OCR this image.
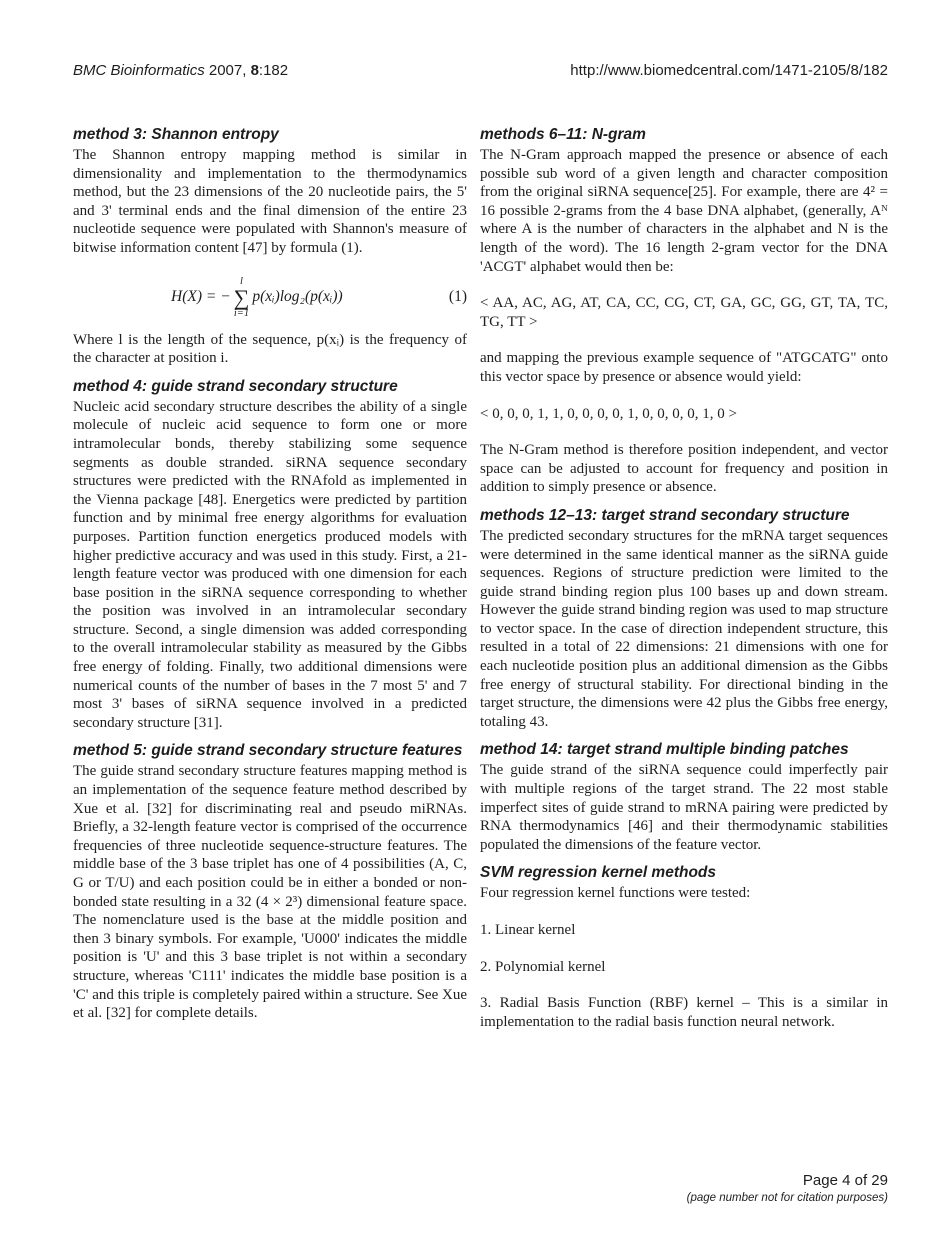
BMC Bioinformatics 2007, 8:182	http://www.biomedcentral.com/1471-2105/8/182
method 3: Shannon entropy

The Shannon entropy mapping method is similar in dimensionality and implementation to the thermodynamics method, but the 23 dimensions of the 20 nucleotide pairs, the 5' and 3' terminal ends and the final dimension of the entire 23 nucleotide sequence were populated with Shannon's measure of bitwise information content [47] by formula (1).

H(X) = −
l
∑
i=1
p(xᵢ)log₂(p(xᵢ))	(1)

Where l is the length of the sequence, p(xᵢ) is the frequency of the character at position i.

method 4: guide strand secondary structure

Nucleic acid secondary structure describes the ability of a single molecule of nucleic acid sequence to form one or more intramolecular bonds, thereby stabilizing some sequence segments as double stranded. siRNA sequence secondary structures were predicted with the RNAfold as implemented in the Vienna package [48]. Energetics were predicted by partition function and by minimal free energy algorithms for evaluation purposes. Partition function energetics produced models with higher predictive accuracy and was used in this study. First, a 21-length feature vector was produced with one dimension for each base position in the siRNA sequence corresponding to whether the position was involved in an intramolecular secondary structure. Second, a single dimension was added corresponding to the overall intramolecular stability as measured by the Gibbs free energy of folding. Finally, two additional dimensions were numerical counts of the number of bases in the 7 most 5' and 7 most 3' bases of siRNA sequence involved in a predicted secondary structure [31].

method 5: guide strand secondary structure features

The guide strand secondary structure features mapping method is an implementation of the sequence feature method described by Xue et al. [32] for discriminating real and pseudo miRNAs. Briefly, a 32-length feature vector is comprised of the occurrence frequencies of three nucleotide sequence-structure features. The middle base of the 3 base triplet has one of 4 possibilities (A, C, G or T/U) and each position could be in either a bonded or non-bonded state resulting in a 32 (4 × 2³) dimensional feature space. The nomenclature used is the base at the middle position and then 3 binary symbols. For example, 'U000' indicates the middle position is 'U' and this 3 base triplet is not within a secondary structure, whereas 'C111' indicates the middle base position is a 'C' and this triple is completely paired within a structure. See Xue et al. [32] for complete details.

methods 6–11: N-gram

The N-Gram approach mapped the presence or absence of each possible sub word of a given length and character composition from the original siRNA sequence[25]. For example, there are 4² = 16 possible 2-grams from the 4 base DNA alphabet, (generally, Aᴺ where A is the number of characters in the alphabet and N is the length of the word). The 16 length 2-gram vector for the DNA 'ACGT' alphabet would then be:

< AA, AC, AG, AT, CA, CC, CG, CT, GA, GC, GG, GT, TA, TC, TG, TT >

and mapping the previous example sequence of "ATGCATG" onto this vector space by presence or absence would yield:

< 0, 0, 0, 1, 1, 0, 0, 0, 0, 1, 0, 0, 0, 0, 1, 0 >

The N-Gram method is therefore position independent, and vector space can be adjusted to account for frequency and position in addition to simply presence or absence.

methods 12–13: target strand secondary structure

The predicted secondary structures for the mRNA target sequences were determined in the same identical manner as the siRNA guide sequences. Regions of structure prediction were limited to the guide strand binding region plus 100 bases up and down stream. However the guide strand binding region was used to map structure to vector space. In the case of direction independent structure, this resulted in a total of 22 dimensions: 21 dimensions with one for each nucleotide position plus an additional dimension as the Gibbs free energy of structural stability. For directional binding in the target structure, the dimensions were 42 plus the Gibbs free energy, totaling 43.

method 14: target strand multiple binding patches

The guide strand of the siRNA sequence could imperfectly pair with multiple regions of the target strand. The 22 most stable imperfect sites of guide strand to mRNA pairing were predicted by RNA thermodynamics [46] and their thermodynamic stabilities populated the dimensions of the feature vector.

SVM regression kernel methods

Four regression kernel functions were tested:

1. Linear kernel

2. Polynomial kernel

3. Radial Basis Function (RBF) kernel – This is a similar in implementation to the radial basis function neural network.

Page 4 of 29
(page number not for citation purposes)
